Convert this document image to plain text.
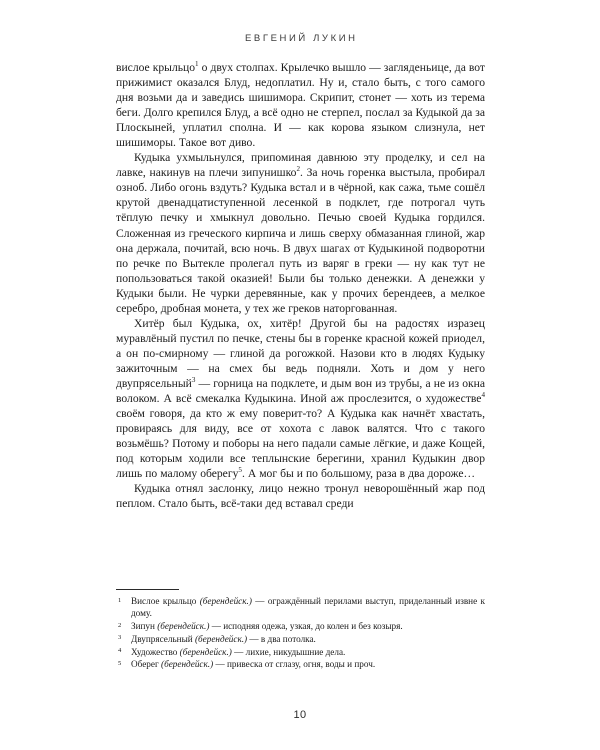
ЕВГЕНИЙ ЛУКИН

вислое крыльцо$^1$ о двух столпах. Крылечко вышло — загляденьице, да вот прижимист оказался Блуд, недоплатил. Ну и, стало быть, с того самого дня возьми да и заведись шишимора. Скрипит, стонет — хоть из терема беги. Долго крепился Блуд, а всё одно не стерпел, послал за Кудыкой да за Плоскыней, уплатил сполна. И — как корова языком слизнула, нет шишиморы. Такое вот диво.

Кудыка ухмыльнулся, припоминая давнюю эту проделку, и сел на лавке, накинув на плечи зипунишко$^2$. За ночь горенка выстыла, пробирал озноб. Либо огонь вздуть? Кудыка встал и в чёрной, как сажа, тьме сошёл крутой двенадцатиступенной лесенкой в подклет, где потрогал чуть тёплую печку и хмыкнул довольно. Печью своей Кудыка гордился. Сложенная из греческого кирпича и лишь сверху обмазанная глиной, жар она держала, почитай, всю ночь. В двух шагах от Кудыкиной подворотни по речке по Вытекле пролегал путь из варяг в греки — ну как тут не попользоваться такой оказией! Были бы только денежки. А денежки у Кудыки были. Не чурки деревянные, как у прочих берендеев, а мелкое серебро, дробная монета, у тех же греков наторгованная.

Хитёр был Кудыка, ох, хитёр! Другой бы на радостях изразец муравлёный пустил по печке, стены бы в горенке красной кожей приодел, а он по-смирному — глиной да рогожкой. Назови кто в людях Кудыку зажиточным — на смех бы ведь подняли. Хоть и дом у него двупрясельный$^3$ — горница на подклете, и дым вон из трубы, а не из окна волоком. А всё смекалка Кудыкина. Иной аж прослезится, о художестве$^4$ своём говоря, да кто ж ему поверит-то? А Кудыка как начнёт хвастать, провираясь для виду, все от хохота с лавок валятся. Что с такого возьмёшь? Потому и поборы на него падали самые лёгкие, и даже Кощей, под которым ходили все теплынские берегини, хранил Кудыкин двор лишь по малому оберегу$^5$. А мог бы и по большому, раза в два дороже…

Кудыка отнял заслонку, лицо нежно тронул неворошённый жар под пеплом. Стало быть, всё-таки дед вставал среди

1 Вислое крыльцо (берендейск.) — ограждённый перилами выступ, приделанный извне к дому.
2 Зипун (берендейск.) — исподняя одежа, узкая, до колен и без козыря.
3 Двупрясельный (берендейск.) — в два потолка.
4 Художество (берендейск.) — лихие, никудышние дела.
5 Оберег (берендейск.) — привеска от сглазу, огня, воды и проч.
10
